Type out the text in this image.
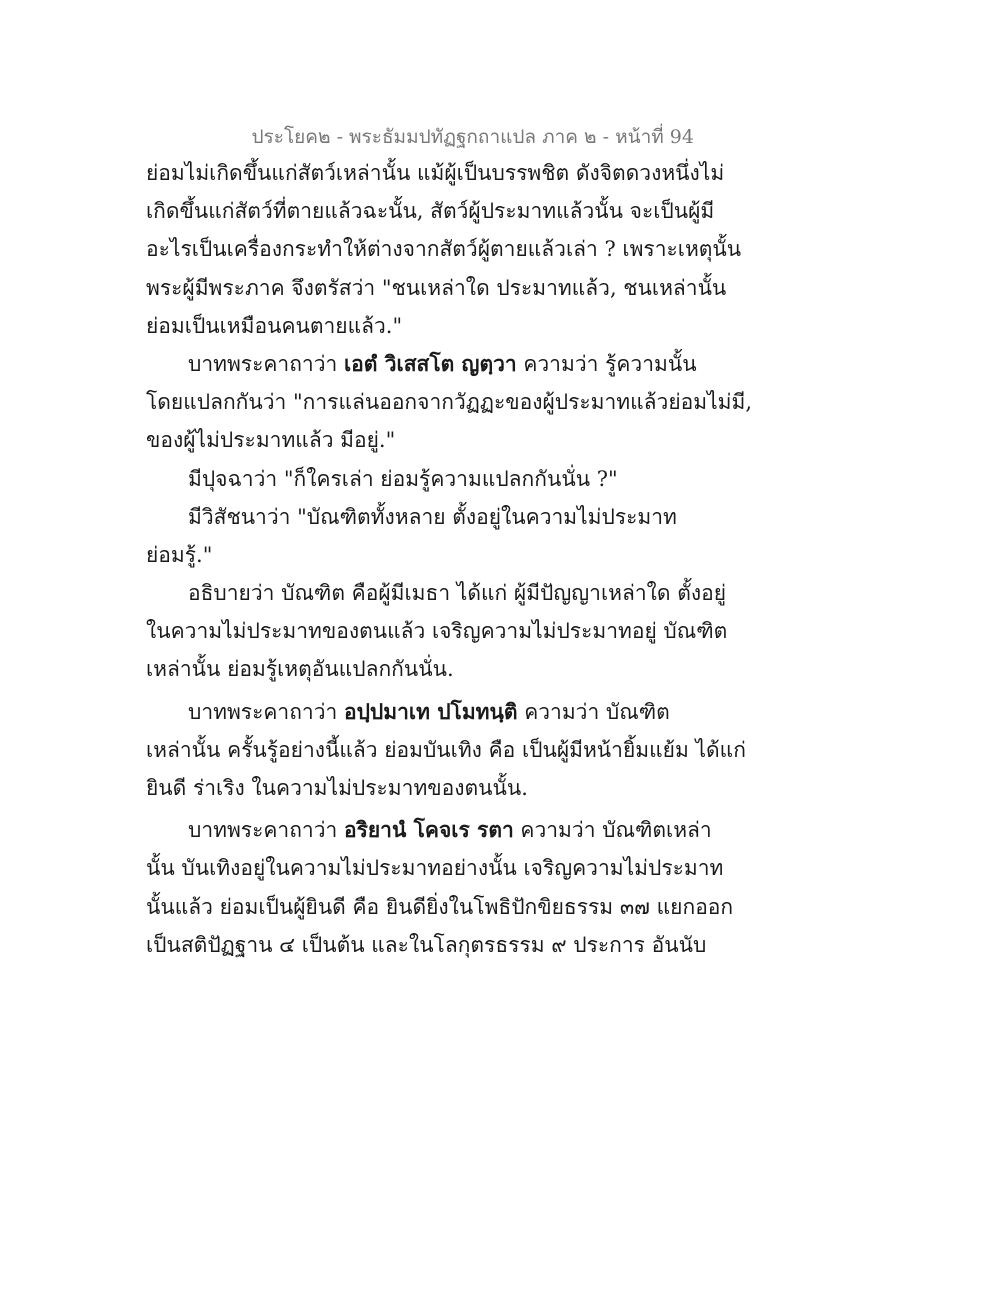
ประโยค๒ - พระธัมมปทัฏฐกถาแปล ภาค ๒ - หน้าที่ 94
ย่อมไม่เกิดขึ้นแก่สัตว์เหล่านั้น แม้ผู้เป็นบรรพชิต ดังจิตดวงหนึ่งไม่
เกิดขึ้นแก่สัตว์ที่ตายแล้วฉะนั้น, สัตว์ผู้ประมาทแล้วนั้น จะเป็นผู้มี
อะไรเป็นเครื่องกระทำให้ต่างจากสัตว์ผู้ตายแล้วเล่า ? เพราะเหตุนั้น
พระผู้มีพระภาค จึงตรัสว่า "ชนเหล่าใด ประมาทแล้ว, ชนเหล่านั้น
ย่อมเป็นเหมือนคนตายแล้ว."
บาทพระคาถาว่า เอตํ วิเสสโต ญตฺวา ความว่า รู้ความนั้น
โดยแปลกกันว่า "การแล่นออกจากวัฏฏะของผู้ประมาทแล้วย่อมไม่มี,
ของผู้ไม่ประมาทแล้ว มีอยู่."
มีปุจฉาว่า "ก็ใครเล่า ย่อมรู้ความแปลกกันนั่น ?"
มีวิสัชนาว่า "บัณฑิตทั้งหลาย ตั้งอยู่ในความไม่ประมาท
ย่อมรู้."
อธิบายว่า บัณฑิต คือผู้มีเมธา ได้แก่ ผู้มีปัญญาเหล่าใด ตั้งอยู่
ในความไม่ประมาทของตนแล้ว เจริญความไม่ประมาทอยู่ บัณฑิต
เหล่านั้น ย่อมรู้เหตุอันแปลกกันนั่น.
บาทพระคาถาว่า อปฺปมาเท ปโมทนฺติ ความว่า บัณฑิต
เหล่านั้น ครั้นรู้อย่างนี้แล้ว ย่อมบันเทิง คือ เป็นผู้มีหน้ายิ้มแย้ม ได้แก่
ยินดี ร่าเริง ในความไม่ประมาทของตนนั้น.
บาทพระคาถาว่า อริยานํ โคจเร รตา ความว่า บัณฑิตเหล่า
นั้น บันเทิงอยู่ในความไม่ประมาทอย่างนั้น เจริญความไม่ประมาท
นั้นแล้ว ย่อมเป็นผู้ยินดี คือ ยินดียิ่งในโพธิปักขิยธรรม ๓๗ แยกออก
เป็นสติปัฏฐาน ๔ เป็นต้น และในโลกุตรธรรม ๙ ประการ อันนับ
